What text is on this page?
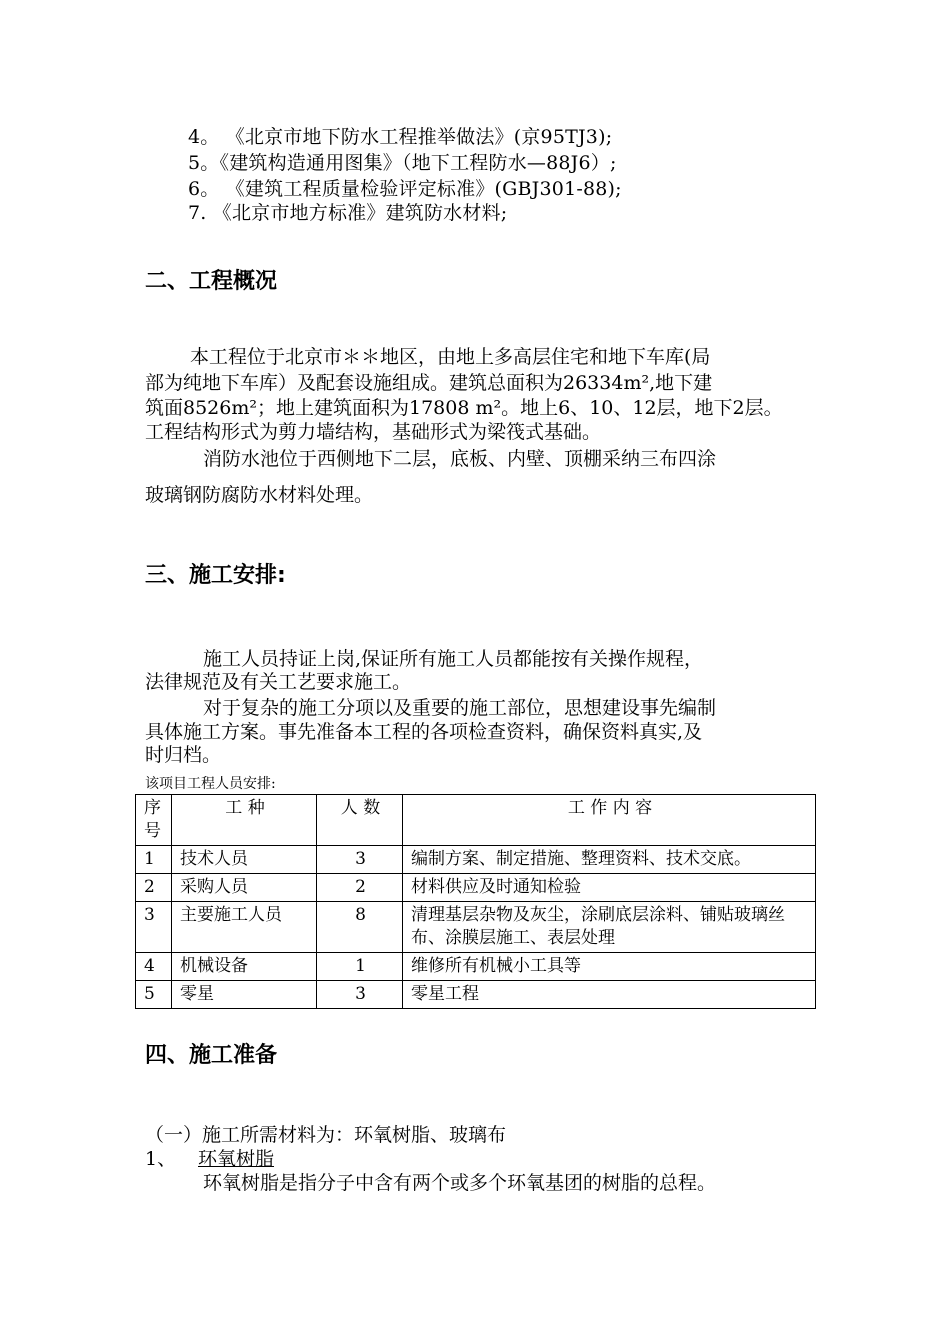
4。 《北京市地下防水工程推举做法》(京95TJ3);
5。《建筑构造通用图集》（地下工程防水—88J6）;
6。 《建筑工程质量检验评定标准》(GBJ301-88);
7. 《北京市地方标准》建筑防水材料;
二、工程概况
本工程位于北京市＊＊地区，由地上多高层住宅和地下车库(局
部为纯地下车库）及配套设施组成。建筑总面积为26334m²,地下建
筑面8526m²；地上建筑面积为17808 m²。地上6、10、12层，地下2层。
工程结构形式为剪力墙结构，基础形式为梁筏式基础。
消防水池位于西侧地下二层，底板、内壁、顶棚采纳三布四涂
玻璃钢防腐防水材料处理。
三、施工安排:
施工人员持证上岗,保证所有施工人员都能按有关操作规程，
法律规范及有关工艺要求施工。
对于复杂的施工分项以及重要的施工部位，思想建设事先编制
具体施工方案。事先准备本工程的各项检查资料，确保资料真实,及
时归档。
该项目工程人员安排:
序号	工 种	人 数	工 作 内 容
1	技术人员	3	编制方案、制定措施、整理资料、技术交底。
2	采购人员	2	材料供应及时通知检验
3	主要施工人员	8	清理基层杂物及灰尘，涂刷底层涂料、铺贴玻璃丝布、涂膜层施工、表层处理
4	机械设备	1	维修所有机械小工具等
5	零星	3	零星工程
四、施工准备
（一）施工所需材料为：环氧树脂、玻璃布
1、	环氧树脂
环氧树脂是指分子中含有两个或多个环氧基团的树脂的总程。
